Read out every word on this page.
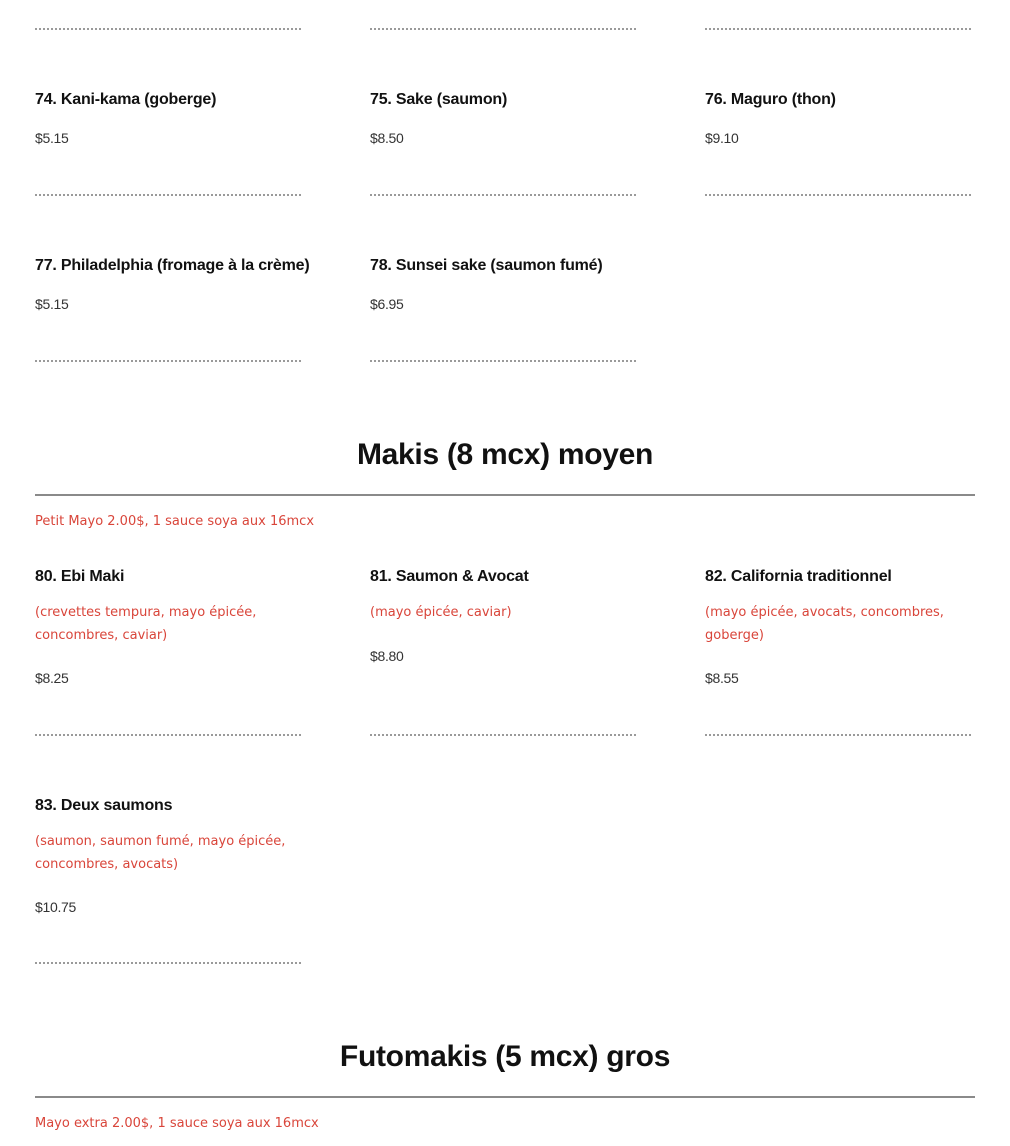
74. Kani-kama (goberge)
$5.15
75. Sake (saumon)
$8.50
76. Maguro (thon)
$9.10
77. Philadelphia (fromage à la crème)
$5.15
78. Sunsei sake (saumon fumé)
$6.95
Makis (8 mcx) moyen
Petit Mayo 2.00$, 1 sauce soya aux 16mcx
80. Ebi Maki
(crevettes tempura, mayo épicée, concombres, caviar)
$8.25
81. Saumon & Avocat
(mayo épicée, caviar)
$8.80
82. California traditionnel
(mayo épicée, avocats, concombres, goberge)
$8.55
83. Deux saumons
(saumon, saumon fumé, mayo épicée, concombres, avocats)
$10.75
Futomakis (5 mcx) gros
Mayo extra 2.00$, 1 sauce soya aux 16mcx
